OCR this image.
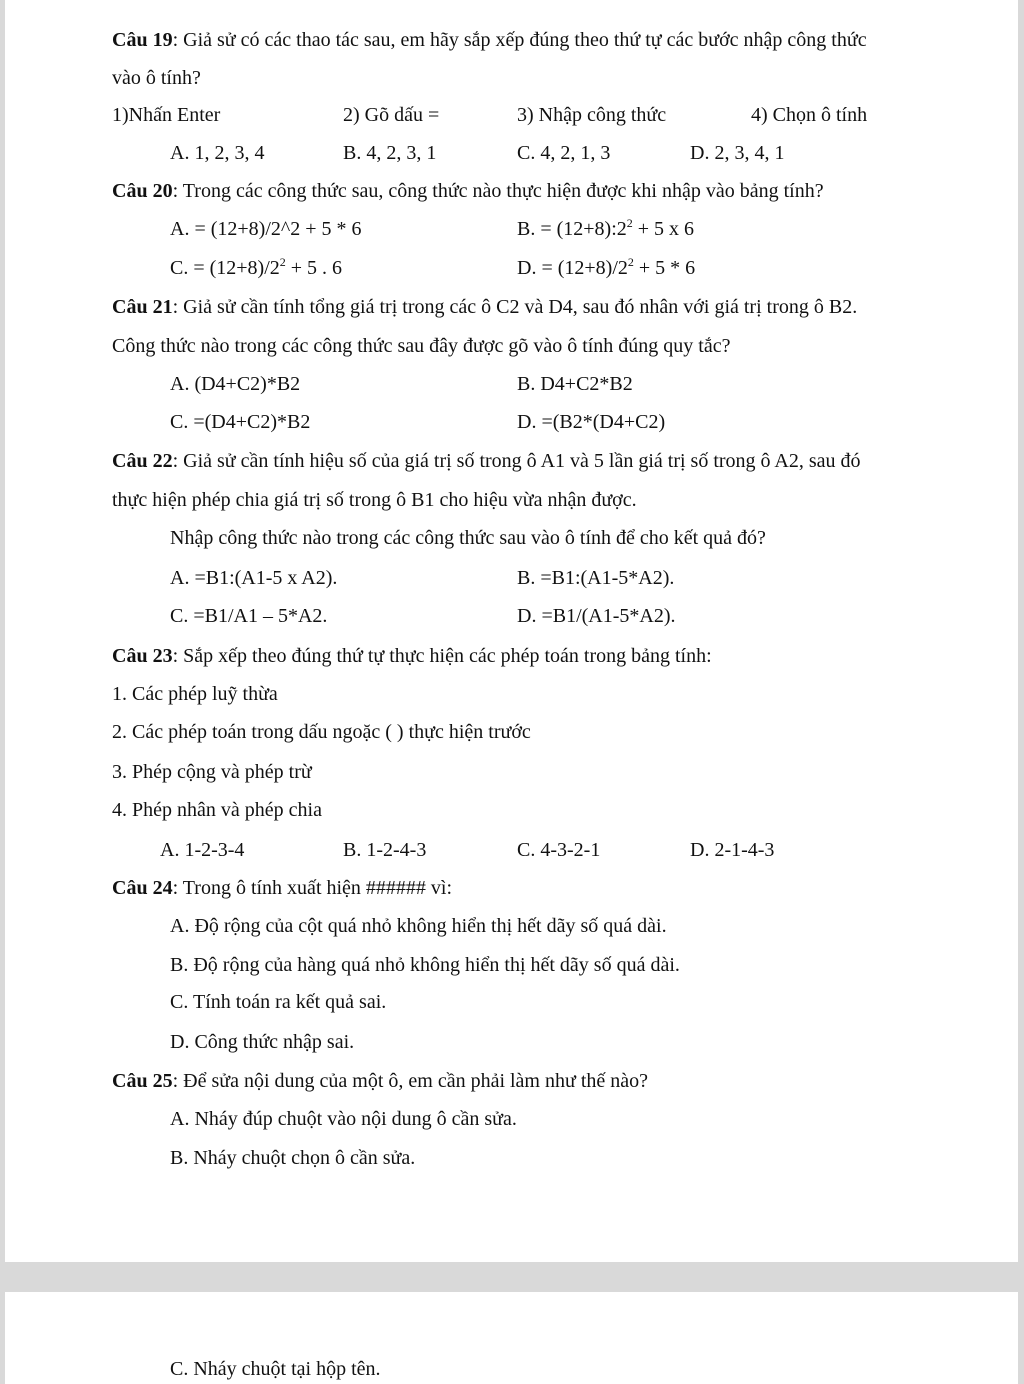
Câu 19: Giả sử có các thao tác sau, em hãy sắp xếp đúng theo thứ tự các bước nhập công thức
vào ô tính?
1)Nhấn Enter	2) Gõ dấu =	3) Nhập công thức	4) Chọn ô tính
A. 1, 2, 3, 4	B. 4, 2, 3, 1	C. 4, 2, 1, 3	D. 2, 3, 4, 1
Câu 20: Trong các công thức sau, công thức nào thực hiện được khi nhập vào bảng tính?
A. = (12+8)/2^2 + 5 * 6	B. = $(12+8):2^2 + 5$ x 6
C. = $(12+8)/2^2 + 5$ . 6	D. = $(12+8)/2^2 + 5 * 6$
Câu 21: Giả sử cần tính tổng giá trị trong các ô C2 và D4, sau đó nhân với giá trị trong ô B2.
Công thức nào trong các công thức sau đây được gõ vào ô tính đúng quy tắc?
A. (D4+C2)*B2	B. D4+C2*B2
C. =(D4+C2)*B2	D. =(B2*(D4+C2)
Câu 22: Giả sử cần tính hiệu số của giá trị số trong ô A1 và 5 lần giá trị số trong ô A2, sau đó
thực hiện phép chia giá trị số trong ô B1 cho hiệu vừa nhận được.
Nhập công thức nào trong các công thức sau vào ô tính để cho kết quả đó?
A. =B1:(A1-5 x A2).	B. =B1:(A1-5*A2).
C. =B1/A1 – 5*A2.	D. =B1/(A1-5*A2).
Câu 23: Sắp xếp theo đúng thứ tự thực hiện các phép toán trong bảng tính:
1. Các phép luỹ thừa
2. Các phép toán trong dấu ngoặc ( ) thực hiện trước
3. Phép cộng và phép trừ
4. Phép nhân và phép chia
A. 1-2-3-4	B. 1-2-4-3	C. 4-3-2-1	D. 2-1-4-3
Câu 24: Trong ô tính xuất hiện ###### vì:
A. Độ rộng của cột quá nhỏ không hiển thị hết dãy số quá dài.
B. Độ rộng của hàng quá nhỏ không hiển thị hết dãy số quá dài.
C. Tính toán ra kết quả sai.
D. Công thức nhập sai.
Câu 25: Để sửa nội dung của một ô, em cần phải làm như thế nào?
A. Nháy đúp chuột vào nội dung ô cần sửa.
B. Nháy chuột chọn ô cần sửa.
C. Nháy chuột tại hộp tên.
